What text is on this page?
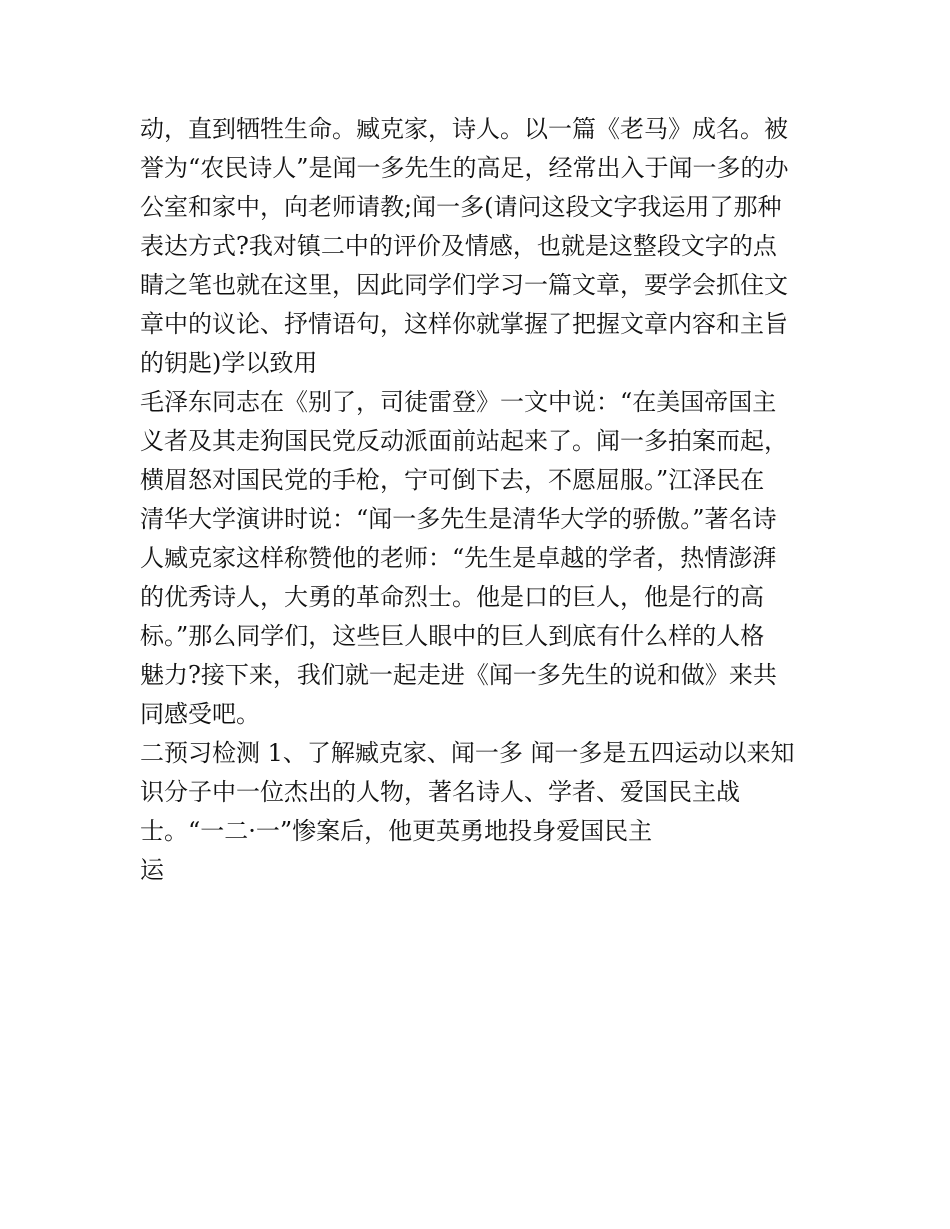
动，直到牺牲生命。臧克家，诗人。以一篇《老马》成名。被
誉为“农民诗人”是闻一多先生的高足，经常出入于闻一多的办
公室和家中，向老师请教;闻一多(请问这段文字我运用了那种
表达方式?我对镇二中的评价及情感，也就是这整段文字的点
睛之笔也就在这里，因此同学们学习一篇文章，要学会抓住文
章中的议论、抒情语句，这样你就掌握了把握文章内容和主旨
的钥匙)学以致用
毛泽东同志在《别了，司徒雷登》一文中说：“在美国帝国主
义者及其走狗国民党反动派面前站起来了。闻一多拍案而起，
横眉怒对国民党的手枪，宁可倒下去，不愿屈服。”江泽民在
清华大学演讲时说：“闻一多先生是清华大学的骄傲。”著名诗
人臧克家这样称赞他的老师：“先生是卓越的学者，热情澎湃
的优秀诗人，大勇的革命烈士。他是口的巨人，他是行的高
标。”那么同学们，这些巨人眼中的巨人到底有什么样的人格
魅力?接下来，我们就一起走进《闻一多先生的说和做》来共
同感受吧。
二预习检测 1、了解臧克家、闻一多 闻一多是五四运动以来知
识分子中一位杰出的人物，著名诗人、学者、爱国民主战
士。“一二·一”惨案后，他更英勇地投身爱国民主
运
